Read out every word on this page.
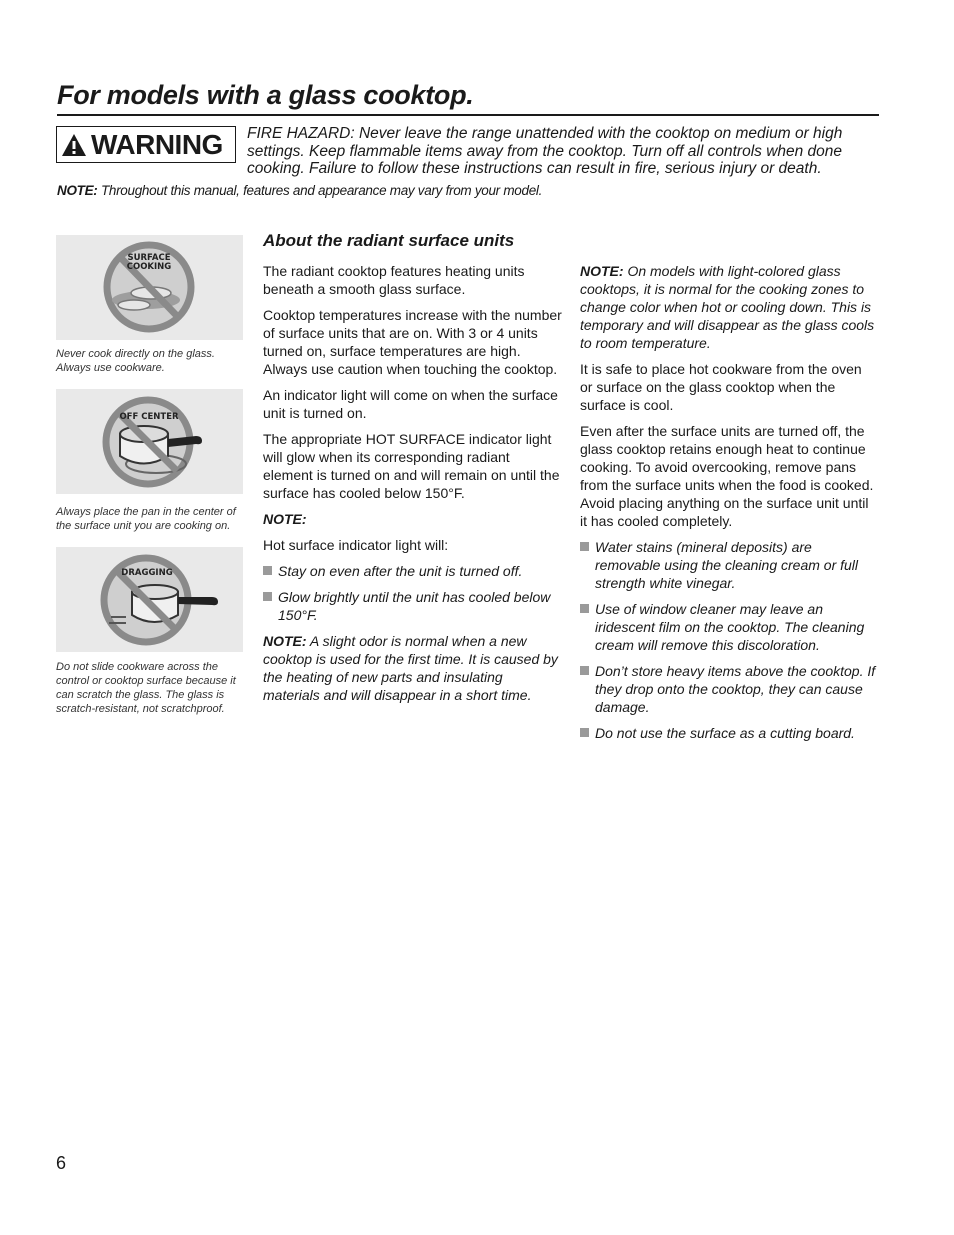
For models with a glass cooktop.
WARNING FIRE HAZARD: Never leave the range unattended with the cooktop on medium or high settings. Keep flammable items away from the cooktop. Turn off all controls when done cooking. Failure to follow these instructions can result in fire, serious injury or death.
NOTE: Throughout this manual, features and appearance may vary from your model.
SURFACE
COOKING
Never cook directly on the glass. Always use cookware.
OFF CENTER
Always place the pan in the center of the surface unit you are cooking on.
DRAGGING
Do not slide cookware across the control or cooktop surface because it can scratch the glass. The glass is scratch-resistant, not scratchproof.
About the radiant surface units

The radiant cooktop features heating units beneath a smooth glass surface.

Cooktop temperatures increase with the number of surface units that are on. With 3 or 4 units turned on, surface temperatures are high. Always use caution when touching the cooktop.

An indicator light will come on when the surface unit is turned on.

The appropriate HOT SURFACE indicator light will glow when its corresponding radiant element is turned on and will remain on until the surface has cooled below 150°F.

NOTE:

Hot surface indicator light will:

Stay on even after the unit is turned off.
Glow brightly until the unit has cooled below 150°F.

NOTE: A slight odor is normal when a new cooktop is used for the first time. It is caused by the heating of new parts and insulating materials and will disappear in a short time.

NOTE: On models with light-colored glass cooktops, it is normal for the cooking zones to change color when hot or cooling down. This is temporary and will disappear as the glass cools to room temperature.

It is safe to place hot cookware from the oven or surface on the glass cooktop when the surface is cool.

Even after the surface units are turned off, the glass cooktop retains enough heat to continue cooking. To avoid overcooking, remove pans from the surface units when the food is cooked. Avoid placing anything on the surface unit until it has cooled completely.

Water stains (mineral deposits) are removable using the cleaning cream or full strength white vinegar.
Use of window cleaner may leave an iridescent film on the cooktop. The cleaning cream will remove this discoloration.
Don’t store heavy items above the cooktop. If they drop onto the cooktop, they can cause damage.
Do not use the surface as a cutting board.
6
